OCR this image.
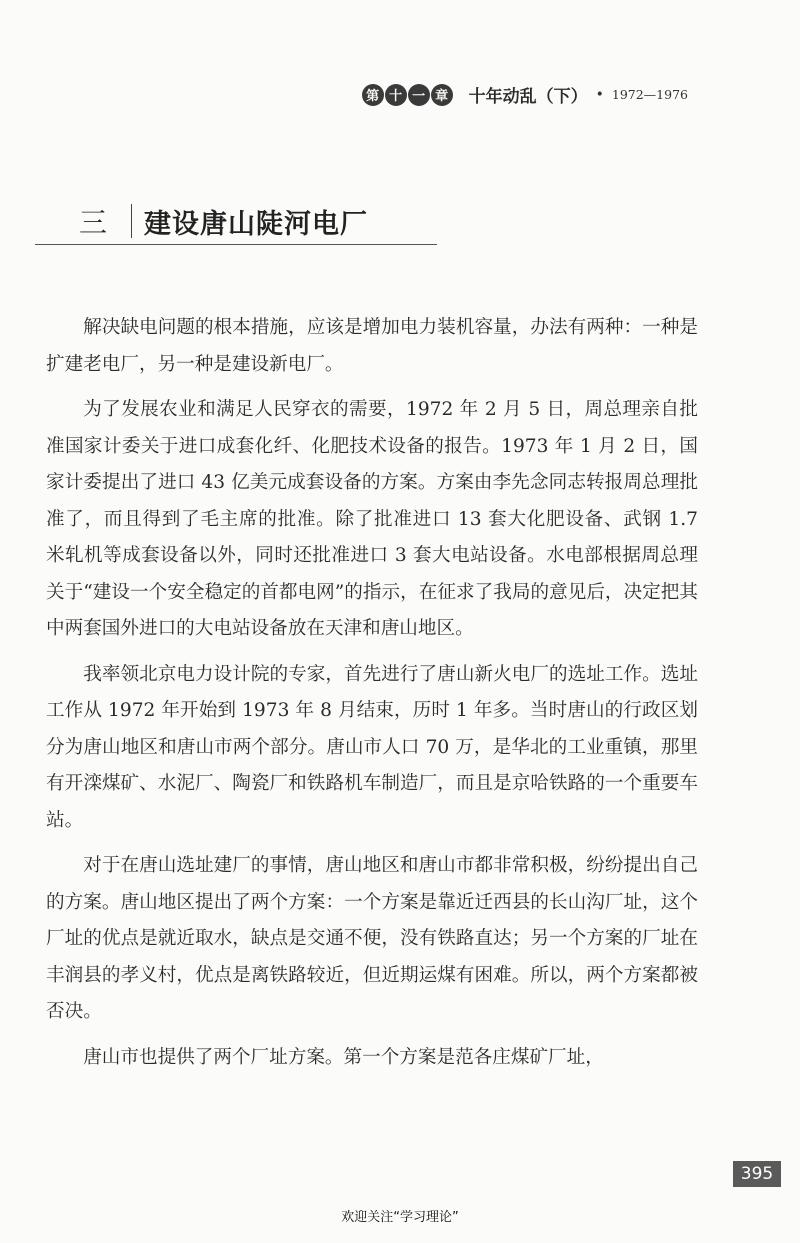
第 十 一 章 十年动乱（下） • 1972—1976
三	建设唐山陡河电厂

解决缺电问题的根本措施，应该是增加电力装机容量，办法有两种：一种是扩建老电厂，另一种是建设新电厂。

为了发展农业和满足人民穿衣的需要，1972 年 2 月 5 日，周总理亲自批准国家计委关于进口成套化纤、化肥技术设备的报告。1973 年 1 月 2 日，国家计委提出了进口 43 亿美元成套设备的方案。方案由李先念同志转报周总理批准了，而且得到了毛主席的批准。除了批准进口 13 套大化肥设备、武钢 1.7 米轧机等成套设备以外，同时还批准进口 3 套大电站设备。水电部根据周总理关于“建设一个安全稳定的首都电网”的指示，在征求了我局的意见后，决定把其中两套国外进口的大电站设备放在天津和唐山地区。

我率领北京电力设计院的专家，首先进行了唐山新火电厂的选址工作。选址工作从 1972 年开始到 1973 年 8 月结束，历时 1 年多。当时唐山的行政区划分为唐山地区和唐山市两个部分。唐山市人口 70 万，是华北的工业重镇，那里有开滦煤矿、水泥厂、陶瓷厂和铁路机车制造厂，而且是京哈铁路的一个重要车站。

对于在唐山选址建厂的事情，唐山地区和唐山市都非常积极，纷纷提出自己的方案。唐山地区提出了两个方案：一个方案是靠近迁西县的长山沟厂址，这个厂址的优点是就近取水，缺点是交通不便，没有铁路直达；另一个方案的厂址在丰润县的孝义村，优点是离铁路较近，但近期运煤有困难。所以，两个方案都被否决。

唐山市也提供了两个厂址方案。第一个方案是范各庄煤矿厂址，

395
欢迎关注“学习理论”
